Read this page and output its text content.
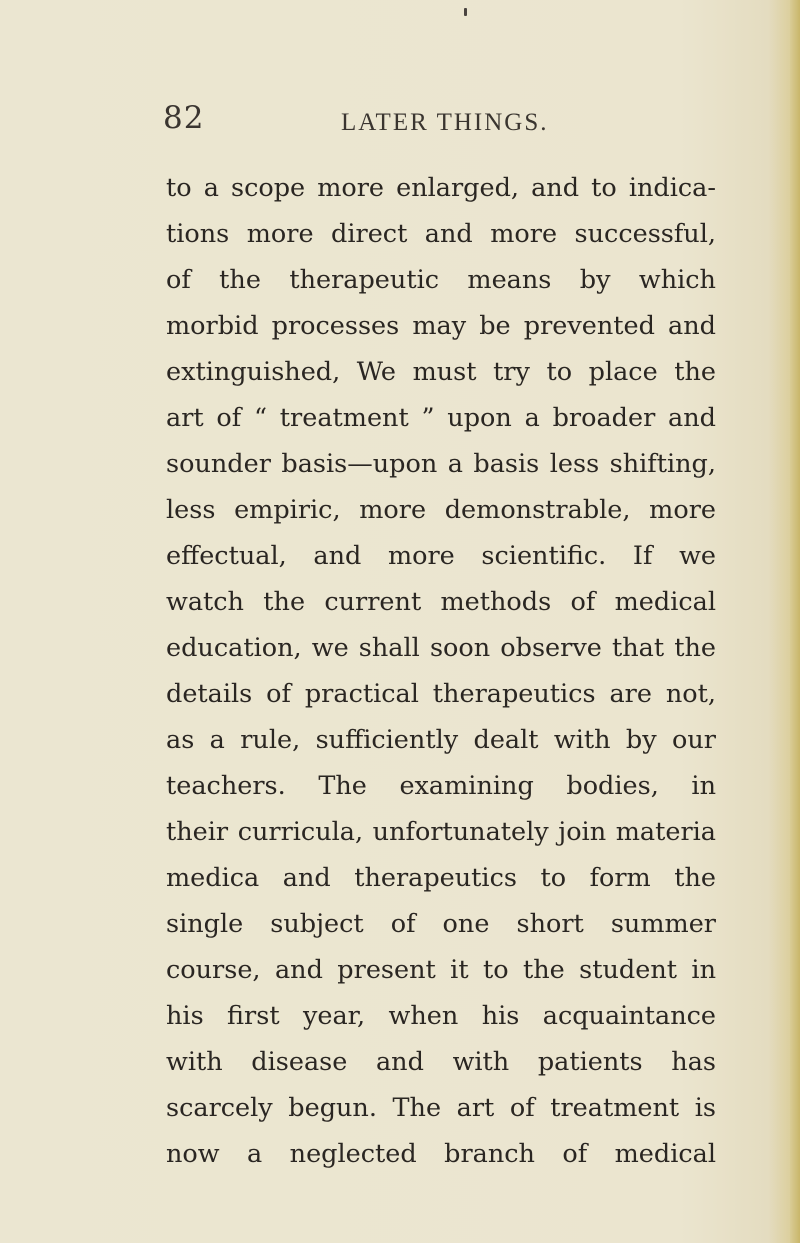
82	LATER THINGS.
to a scope more enlarged, and to indica-
tions more direct and more successful,
of the therapeutic means by which
morbid processes may be prevented and
extinguished, We must try to place the
art of “ treatment ” upon a broader and
sounder basis—upon a basis less shifting,
less empiric, more demonstrable, more
effectual, and more scientific. If we
watch the current methods of medical
education, we shall soon observe that the
details of practical therapeutics are not,
as a rule, sufficiently dealt with by our
teachers. The examining bodies, in
their curricula, unfortunately join materia
medica and therapeutics to form the
single subject of one short summer
course, and present it to the student in
his first year, when his acquaintance
with disease and with patients has
scarcely begun. The art of treatment is
now a neglected branch of medical
